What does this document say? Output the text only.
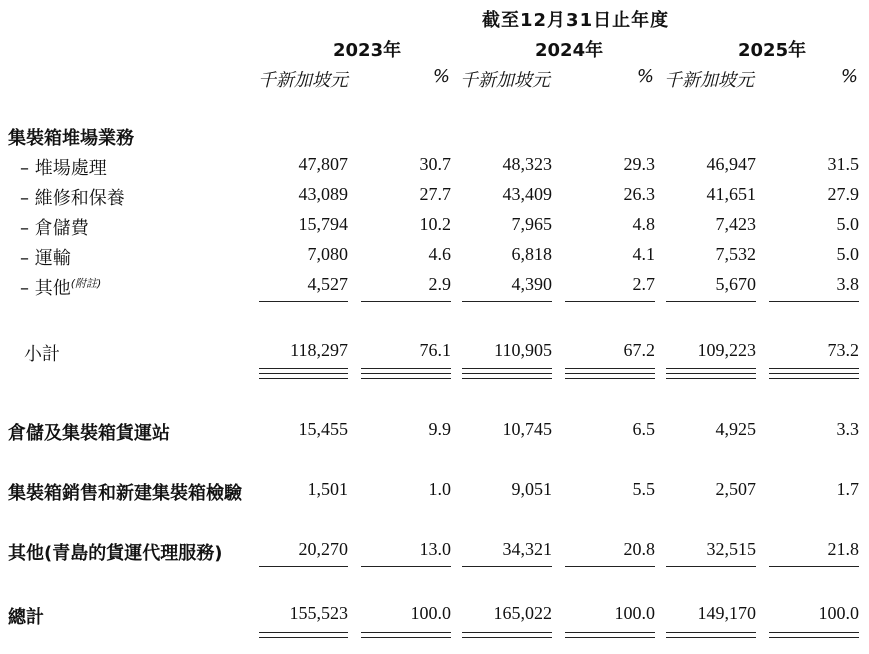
截至12月31日止年度
2023年	2024年	2025年
千新加坡元	% 千新加坡元	% 千新加坡元	%
集裝箱堆場業務
– 堆場處理	47,807	30.7	48,323	29.3	46,947	31.5
– 維修和保養	43,089	27.7	43,409	26.3	41,651	27.9
– 倉儲費	15,794	10.2	7,965	4.8	7,423	5.0
– 運輸	7,080	4.6	6,818	4.1	7,532	5.0
– 其他$^{(附註)}$	4,527	2.9	4,390	2.7	5,670	3.8
小計	118,297	76.1	110,905	67.2	109,223	73.2
倉儲及集裝箱貨運站	15,455	9.9	10,745	6.5	4,925	3.3
集裝箱銷售和新建集裝箱檢驗	1,501	1.0	9,051	5.5	2,507	1.7
其他(青島的貨運代理服務)	20,270	13.0	34,321	20.8	32,515	21.8
總計	155,523	100.0	165,022	100.0	149,170	100.0
